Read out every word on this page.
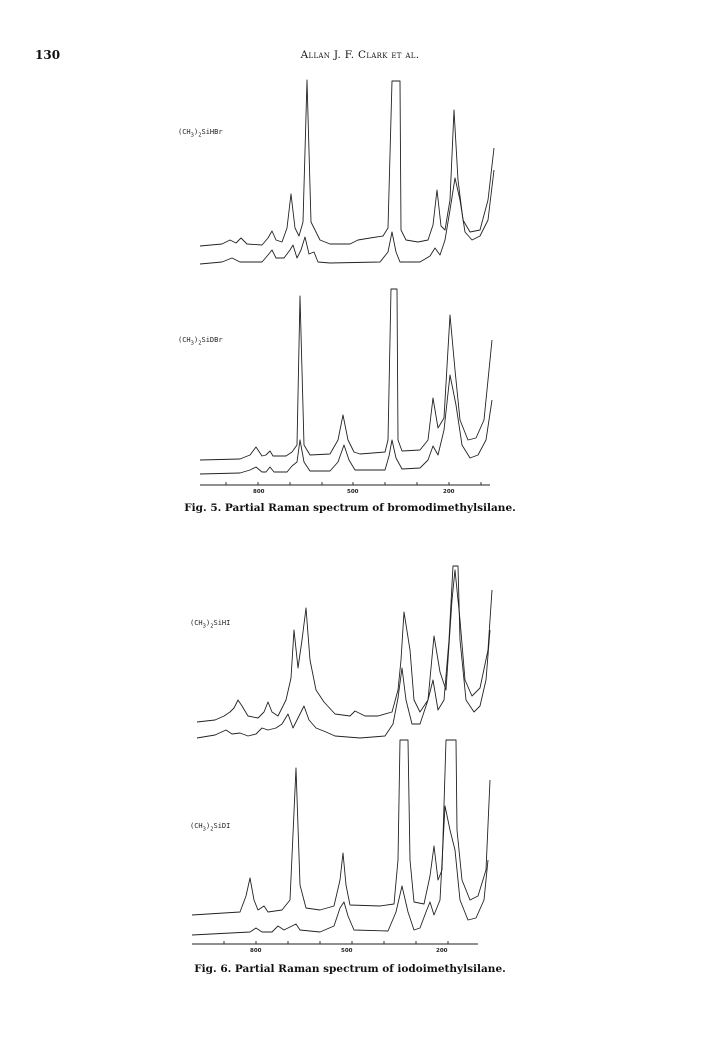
130	Allan J. F. Clark et al.
$(CH_3)_2SiHBr$
$(CH_3)_2SiDBr$
$(CH_3)_2SiHI$
$(CH_3)_2SiDI$
800	500	200
800	500	200
Fig. 5. Partial Raman spectrum of bromodimethylsilane.
Fig. 6. Partial Raman spectrum of iodoimethylsilane.
